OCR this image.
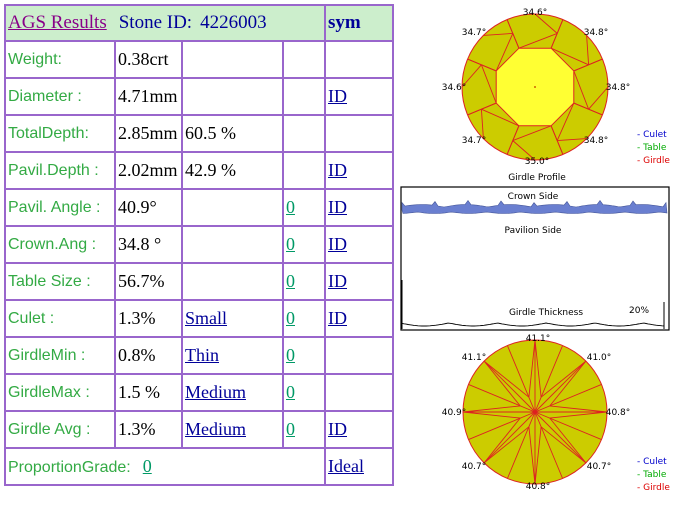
AGS Results Stone ID: 4226003				sym
Weight:	0.38crt			
Diameter :	4.71mm			ID
TotalDepth:	2.85mm	60.5 %		
Pavil.Depth :	2.02mm	42.9 %		ID
Pavil. Angle :	40.9°		0	ID
Crown.Ang :	34.8 °		0	ID
Table Size :	56.7%		0	ID
Culet :	1.3%	Small	0	ID
GirdleMin :	0.8%	Thin	0	
GirdleMax :	1.5 %	Medium	0	
Girdle Avg :	1.3%	Medium	0	ID
ProportionGrade: 0				Ideal
34.6°
34.8°
34.8°
34.8°
35.0°
34.7°
34.6°
34.7°
- Culet
- Table
- Girdle
Girdle Profile
Crown Side
Pavilion Side
Girdle Thickness	20%
41.1°
41.0°
40.8°
40.7°
40.8°
40.7°
40.9°
41.1°
- Culet
- Table
- Girdle
